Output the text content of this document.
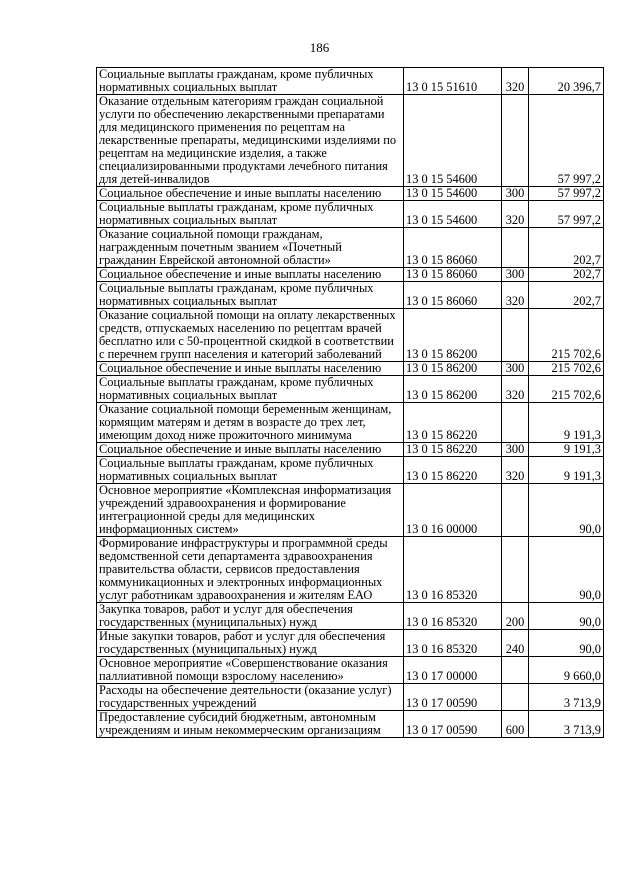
186
Социальные выплаты гражданам, кроме публичных нормативных социальных выплат	13 0 15 51610	320	20 396,7
Оказание отдельным категориям граждан социальной услуги по обеспечению лекарственными препаратами для медицинского применения по рецептам на лекарственные препараты, медицинскими изделиями по рецептам на медицинские изделия, а также специализированными продуктами лечебного питания для детей-инвалидов	13 0 15 54600		57 997,2
Социальное обеспечение и иные выплаты населению	13 0 15 54600	300	57 997,2
Социальные выплаты гражданам, кроме публичных нормативных социальных выплат	13 0 15 54600	320	57 997,2
Оказание социальной помощи гражданам, награжденным почетным званием «Почетный гражданин Еврейской автономной области»	13 0 15 86060		202,7
Социальное обеспечение и иные выплаты населению	13 0 15 86060	300	202,7
Социальные выплаты гражданам, кроме публичных нормативных социальных выплат	13 0 15 86060	320	202,7
Оказание социальной помощи на оплату лекарственных средств, отпускаемых населению по рецептам врачей бесплатно или с 50-процентной скидкой в соответствии с перечнем групп населения и категорий заболеваний	13 0 15 86200		215 702,6
Социальное обеспечение и иные выплаты населению	13 0 15 86200	300	215 702,6
Социальные выплаты гражданам, кроме публичных нормативных социальных выплат	13 0 15 86200	320	215 702,6
Оказание социальной помощи беременным женщинам, кормящим матерям и детям в возрасте до трех лет, имеющим доход ниже прожиточного минимума	13 0 15 86220		9 191,3
Социальное обеспечение и иные выплаты населению	13 0 15 86220	300	9 191,3
Социальные выплаты гражданам, кроме публичных нормативных социальных выплат	13 0 15 86220	320	9 191,3
Основное мероприятие «Комплексная информатизация учреждений здравоохранения и формирование интеграционной среды для медицинских информационных систем»	13 0 16 00000		90,0
Формирование инфраструктуры и программной среды ведомственной сети департамента здравоохранения правительства области, сервисов предоставления коммуникационных и электронных информационных услуг работникам здравоохранения и жителям ЕАО	13 0 16 85320		90,0
Закупка товаров, работ и услуг для обеспечения государственных (муниципальных) нужд	13 0 16 85320	200	90,0
Иные закупки товаров, работ и услуг для обеспечения государственных (муниципальных) нужд	13 0 16 85320	240	90,0
Основное мероприятие «Совершенствование оказания паллиативной помощи взрослому населению»	13 0 17 00000		9 660,0
Расходы на обеспечение деятельности (оказание услуг) государственных учреждений	13 0 17 00590		3 713,9
Предоставление субсидий бюджетным, автономным учреждениям и иным некоммерческим организациям	13 0 17 00590	600	3 713,9
